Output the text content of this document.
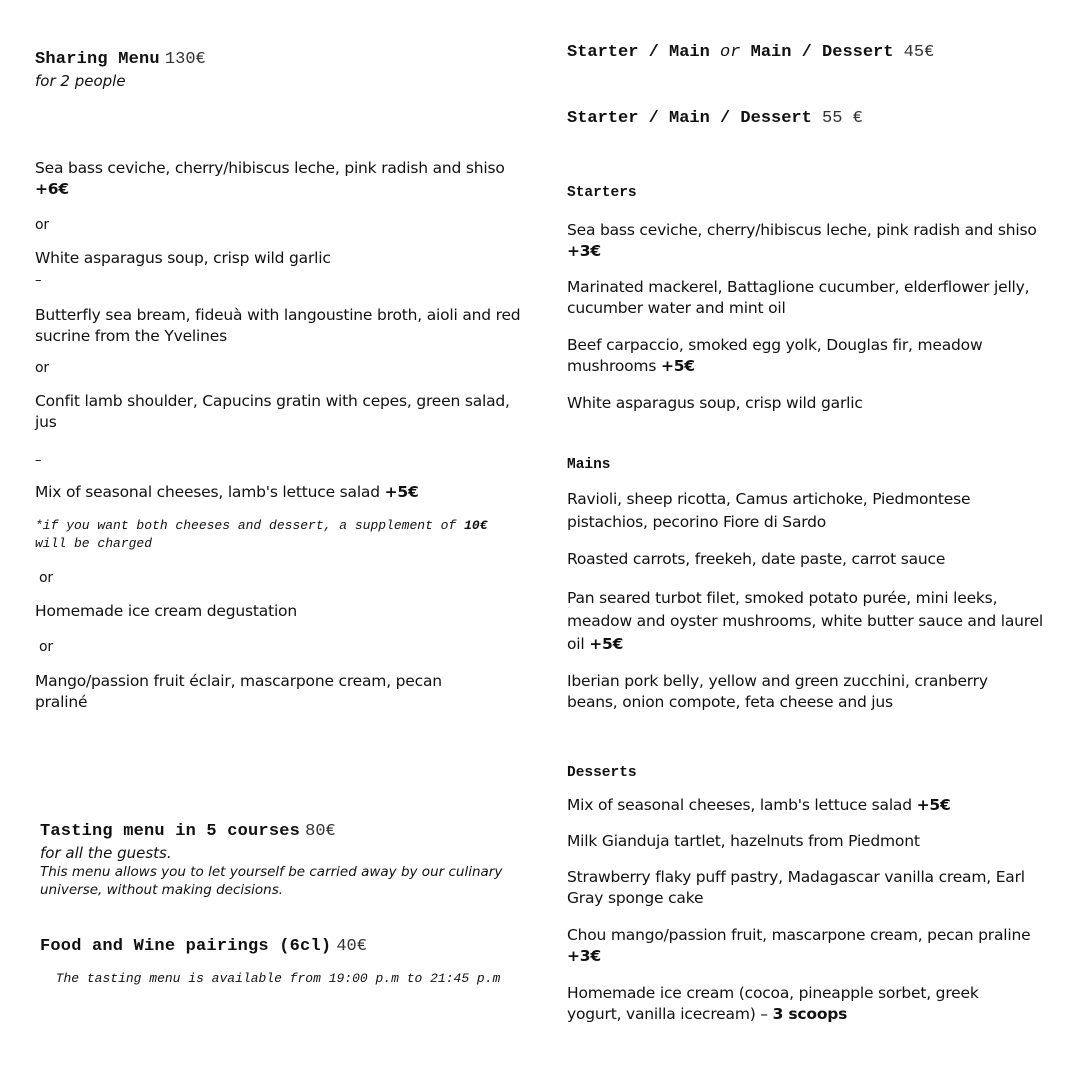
Sharing Menu 130€
for 2 people
Sea bass ceviche, cherry/hibiscus leche, pink radish and shiso +6€
or
White asparagus soup, crisp wild garlic
–
Butterfly sea bream, fideuà with langoustine broth, aioli and red sucrine from the Yvelines
or
Confit lamb shoulder, Capucins gratin with cepes, green salad, jus
–
Mix of seasonal cheeses, lamb's lettuce salad +5€
*if you want both cheeses and dessert, a supplement of 10€ will be charged
or
Homemade ice cream degustation
or
Mango/passion fruit éclair, mascarpone cream, pecan praliné
Tasting menu in 5 courses 80€
for all the guests.
This menu allows you to let yourself be carried away by our culinary universe, without making decisions.
Food and Wine pairings (6cl) 40€
The tasting menu is available from 19:00 p.m to 21:45 p.m
Starter / Main or Main / Dessert 45€
Starter / Main / Dessert 55 €
Starters
Sea bass ceviche, cherry/hibiscus leche, pink radish and shiso +3€
Marinated mackerel, Battaglione cucumber, elderflower jelly, cucumber water and mint oil
Beef carpaccio, smoked egg yolk, Douglas fir, meadow mushrooms +5€
White asparagus soup, crisp wild garlic
Mains
Ravioli, sheep ricotta, Camus artichoke, Piedmontese pistachios, pecorino Fiore di Sardo
Roasted carrots, freekeh, date paste, carrot sauce
Pan seared turbot filet, smoked potato purée, mini leeks, meadow and oyster mushrooms, white butter sauce and laurel oil +5€
Iberian pork belly, yellow and green zucchini, cranberry beans, onion compote, feta cheese and jus
Desserts
Mix of seasonal cheeses, lamb's lettuce salad +5€
Milk Gianduja tartlet, hazelnuts from Piedmont
Strawberry flaky puff pastry, Madagascar vanilla cream, Earl Gray sponge cake
Chou mango/passion fruit, mascarpone cream, pecan praline +3€
Homemade ice cream (cocoa, pineapple sorbet, greek yogurt, vanilla icecream) – 3 scoops
